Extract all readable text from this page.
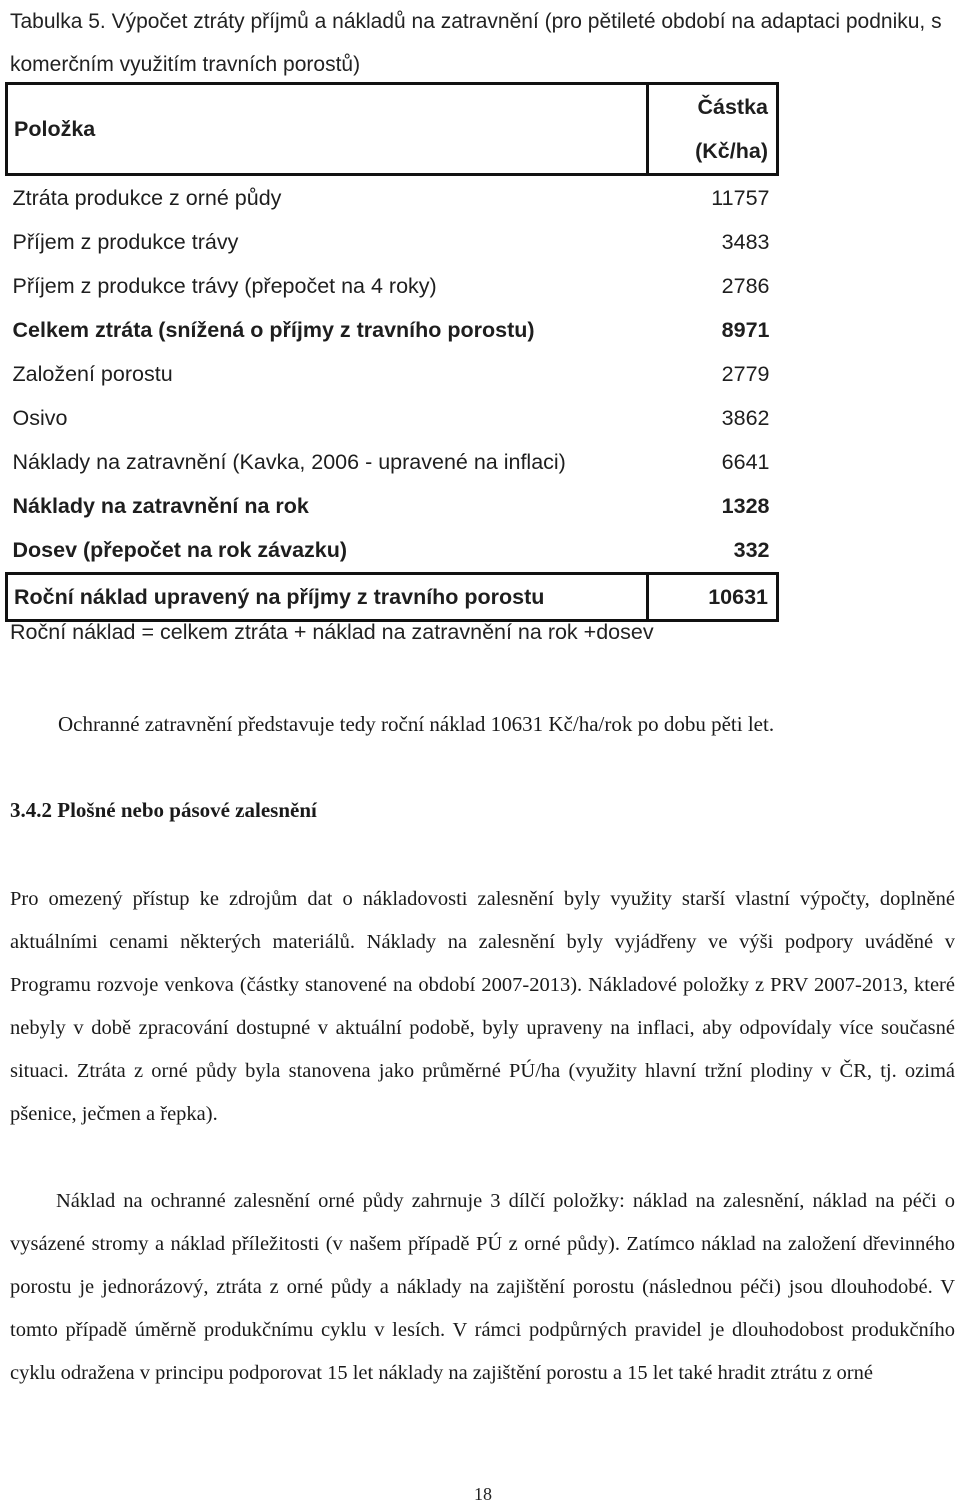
Tabulka 5. Výpočet ztráty příjmů a nákladů na zatravnění (pro pětileté období na adaptaci podniku, s komerčním využitím travních porostů)

Položka	Částka
(Kč/ha)

Ztráta produkce z orné půdy	11757
Příjem z produkce trávy	3483
Příjem z produkce trávy (přepočet na 4 roky)	2786
Celkem ztráta (snížená o příjmy z travního porostu)	8971
Založení porostu	2779
Osivo	3862
Náklady na zatravnění (Kavka, 2006 - upravené na inflaci)	6641
Náklady na zatravnění na rok	1328
Dosev (přepočet na rok závazku)	332
Roční náklad upravený na příjmy z travního porostu	10631
Roční náklad = celkem ztráta + náklad na zatravnění na rok +dosev
Ochranné zatravnění představuje tedy roční náklad 10631 Kč/ha/rok po dobu pěti let.
3.4.2 Plošné nebo pásové zalesnění

Pro omezený přístup ke zdrojům dat o nákladovosti zalesnění byly využity starší vlastní výpočty, doplněné aktuálními cenami některých materiálů. Náklady na zalesnění byly vyjádřeny ve výši podpory uváděné v Programu rozvoje venkova (částky stanovené na období 2007-2013). Nákladové položky z PRV 2007-2013, které nebyly v době zpracování dostupné v aktuální podobě, byly upraveny na inflaci, aby odpovídaly více současné situaci. Ztráta z orné půdy byla stanovena jako průměrné PÚ/ha (využity hlavní tržní plodiny v ČR, tj. ozimá pšenice, ječmen a řepka).

Náklad na ochranné zalesnění orné půdy zahrnuje 3 dílčí položky: náklad na zalesnění, náklad na péči o vysázené stromy a náklad příležitosti (v našem případě PÚ z orné půdy). Zatímco náklad na založení dřevinného porostu je jednorázový, ztráta z orné půdy a náklady na zajištění porostu (následnou péči) jsou dlouhodobé. V tomto případě úměrně produkčnímu cyklu v lesích. V rámci podpůrných pravidel je dlouhodobost produkčního cyklu odražena v principu podporovat 15 let náklady na zajištění porostu a 15 let také hradit ztrátu z orné

18
